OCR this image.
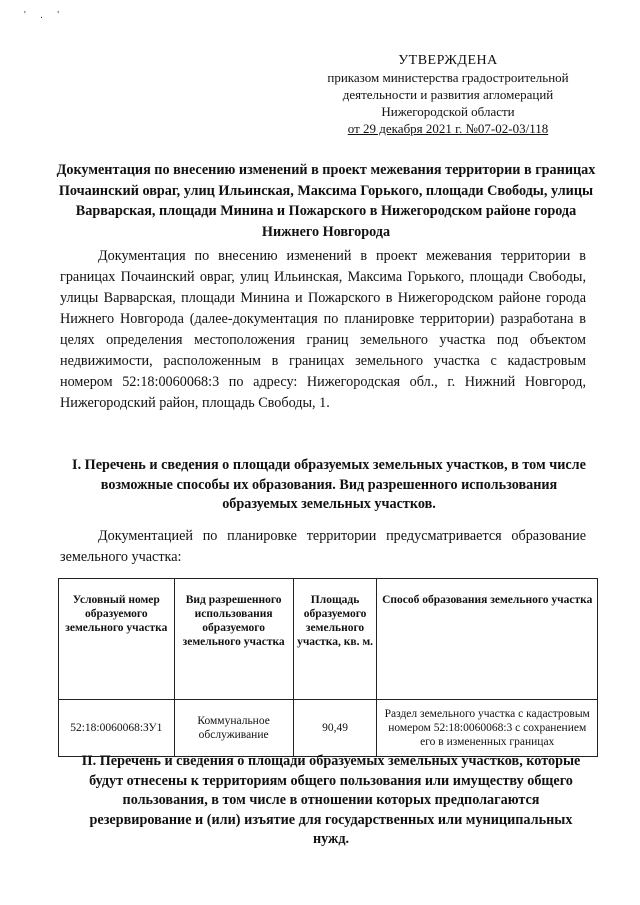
' . '
УТВЕРЖДЕНА
приказом министерства градостроительной
деятельности и развития агломераций
Нижегородской области
от 29 декабря 2021 г. №07-02-03/118
Документация по внесению изменений в проект межевания территории в границах Почаинский овраг, улиц Ильинская, Максима Горького, площади Свободы, улицы Варварская, площади Минина и Пожарского в Нижегородском районе города Нижнего Новгорода

Документация по внесению изменений в проект межевания территории в границах Почаинский овраг, улиц Ильинская, Максима Горького, площади Свободы, улицы Варварская, площади Минина и Пожарского в Нижегородском районе города Нижнего Новгорода (далее-документация по планировке территории) разработана в целях определения местоположения границ земельного участка под объектом недвижимости, расположенным в границах земельного участка с кадастровым номером 52:18:0060068:3 по адресу: Нижегородская обл., г. Нижний Новгород, Нижегородский район, площадь Свободы, 1.

I. Перечень и сведения о площади образуемых земельных участков, в том числе возможные способы их образования. Вид разрешенного использования образуемых земельных участков.

Документацией по планировке территории предусматривается образование земельного участка:

Условный номер образуемого земельного участка	Вид разрешенного использования образуемого земельного участка	Площадь образуемого земельного участка, кв. м.	Способ образования земельного участка
52:18:0060068:ЗУ1	Коммунальное обслуживание	90,49	Раздел земельного участка с кадастровым номером 52:18:0060068:3 с сохранением его в измененных границах
II. Перечень и сведения о площади образуемых земельных участков, которые будут отнесены к территориям общего пользования или имуществу общего пользования, в том числе в отношении которых предполагаются резервирование и (или) изъятие для государственных или муниципальных нужд.
